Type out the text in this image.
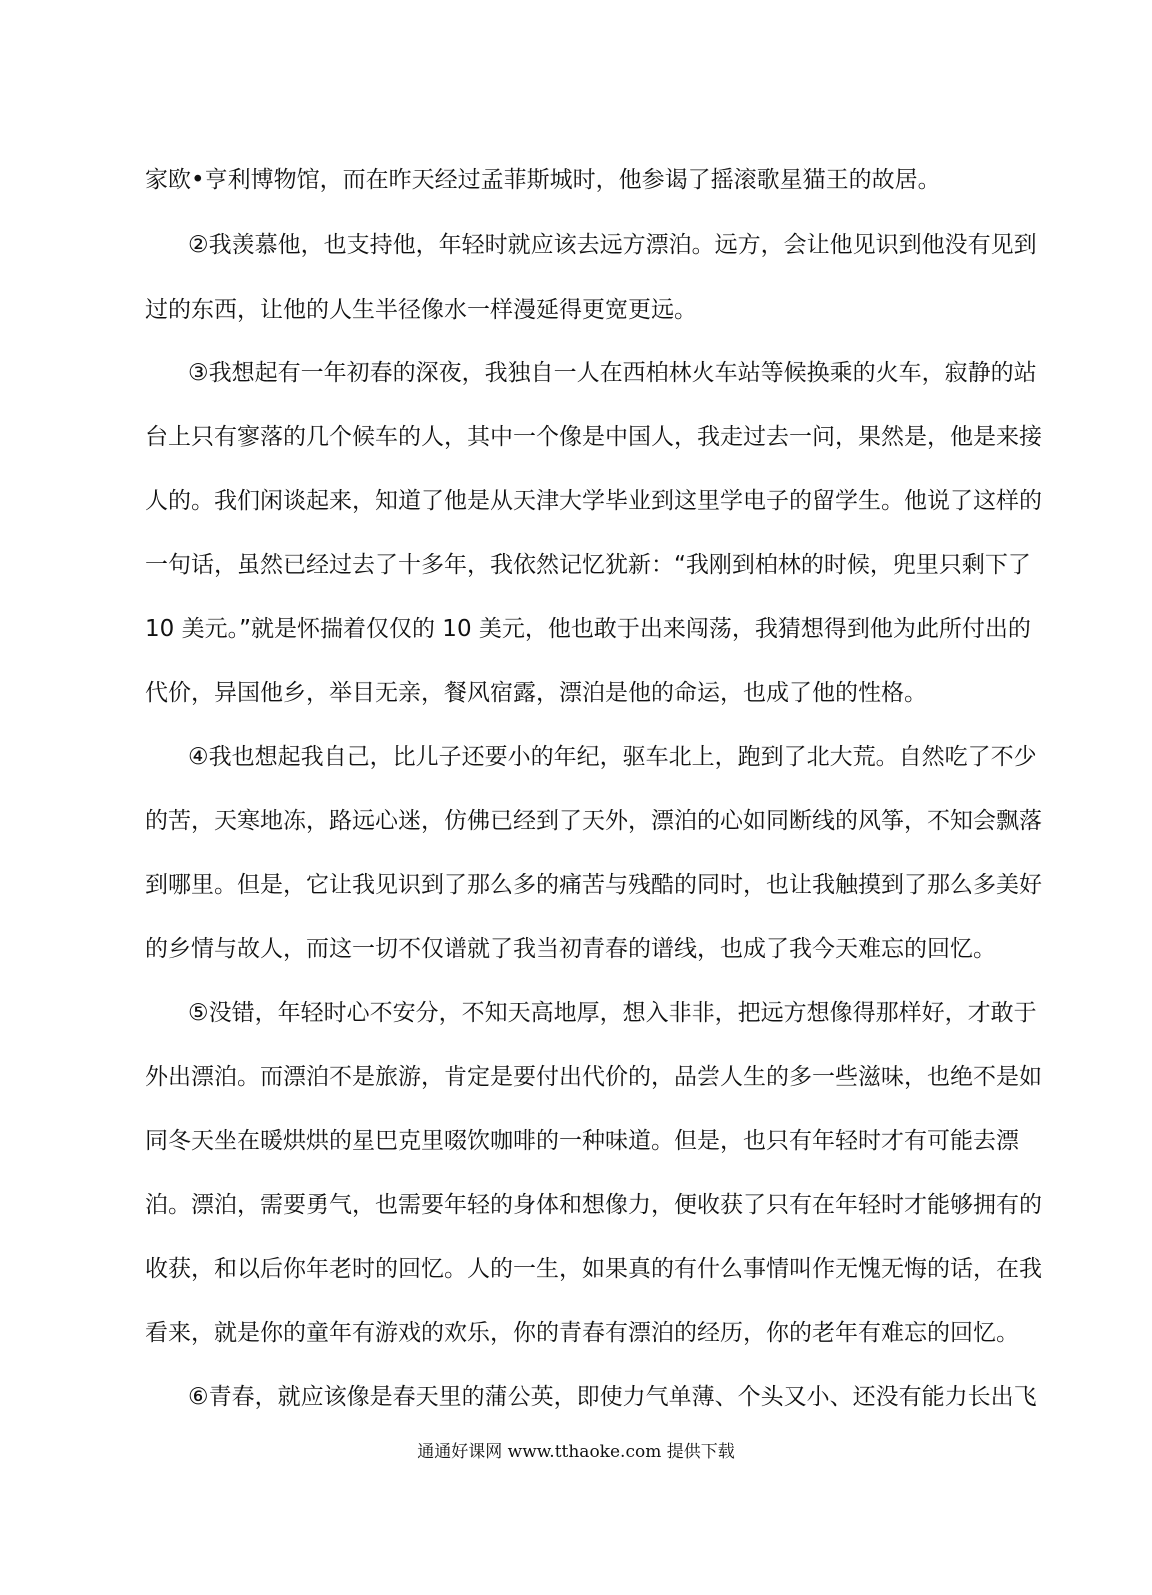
家欧•亨利博物馆，而在昨天经过孟菲斯城时，他参谒了摇滚歌星猫王的故居。
②我羡慕他，也支持他，年轻时就应该去远方漂泊。远方，会让他见识到他没有见到
过的东西，让他的人生半径像水一样漫延得更宽更远。
③我想起有一年初春的深夜，我独自一人在西柏林火车站等候换乘的火车，寂静的站
台上只有寥落的几个候车的人，其中一个像是中国人，我走过去一问，果然是，他是来接
人的。我们闲谈起来，知道了他是从天津大学毕业到这里学电子的留学生。他说了这样的
一句话，虽然已经过去了十多年，我依然记忆犹新：“我刚到柏林的时候，兜里只剩下了
10 美元。”就是怀揣着仅仅的 10 美元，他也敢于出来闯荡，我猜想得到他为此所付出的
代价，异国他乡，举目无亲，餐风宿露，漂泊是他的命运，也成了他的性格。
④我也想起我自己，比儿子还要小的年纪，驱车北上，跑到了北大荒。自然吃了不少
的苦，天寒地冻，路远心迷，仿佛已经到了天外，漂泊的心如同断线的风筝，不知会飘落
到哪里。但是，它让我见识到了那么多的痛苦与残酷的同时，也让我触摸到了那么多美好
的乡情与故人，而这一切不仅谱就了我当初青春的谱线，也成了我今天难忘的回忆。
⑤没错，年轻时心不安分，不知天高地厚，想入非非，把远方想像得那样好，才敢于
外出漂泊。而漂泊不是旅游，肯定是要付出代价的，品尝人生的多一些滋味，也绝不是如
同冬天坐在暖烘烘的星巴克里啜饮咖啡的一种味道。但是，也只有年轻时才有可能去漂
泊。漂泊，需要勇气，也需要年轻的身体和想像力，便收获了只有在年轻时才能够拥有的
收获，和以后你年老时的回忆。人的一生，如果真的有什么事情叫作无愧无悔的话，在我
看来，就是你的童年有游戏的欢乐，你的青春有漂泊的经历，你的老年有难忘的回忆。
⑥青春，就应该像是春天里的蒲公英，即使力气单薄、个头又小、还没有能力长出飞
通通好课网 www.tthaoke.com 提供下载
